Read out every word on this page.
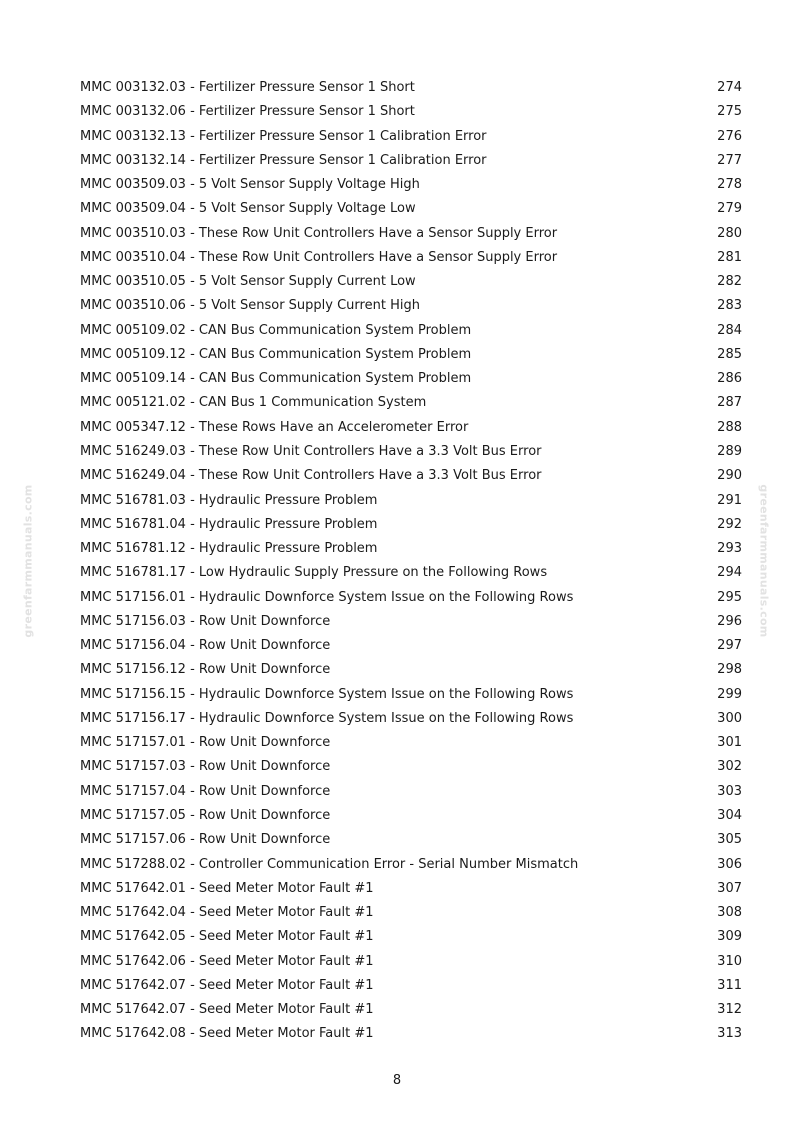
greenfarmmanuals.com	greenfarmmanuals.com
MMC 003132.03 - Fertilizer Pressure Sensor 1 Short	274
MMC 003132.06 - Fertilizer Pressure Sensor 1 Short	275
MMC 003132.13 - Fertilizer Pressure Sensor 1 Calibration Error	276
MMC 003132.14 - Fertilizer Pressure Sensor 1 Calibration Error	277
MMC 003509.03 - 5 Volt Sensor Supply Voltage High	278
MMC 003509.04 - 5 Volt Sensor Supply Voltage Low	279
MMC 003510.03 - These Row Unit Controllers Have a Sensor Supply Error	280
MMC 003510.04 - These Row Unit Controllers Have a Sensor Supply Error	281
MMC 003510.05 - 5 Volt Sensor Supply Current Low	282
MMC 003510.06 - 5 Volt Sensor Supply Current High	283
MMC 005109.02 - CAN Bus Communication System Problem	284
MMC 005109.12 - CAN Bus Communication System Problem	285
MMC 005109.14 - CAN Bus Communication System Problem	286
MMC 005121.02 - CAN Bus 1 Communication System	287
MMC 005347.12 - These Rows Have an Accelerometer Error	288
MMC 516249.03 - These Row Unit Controllers Have a 3.3 Volt Bus Error	289
MMC 516249.04 - These Row Unit Controllers Have a 3.3 Volt Bus Error	290
MMC 516781.03 - Hydraulic Pressure Problem	291
MMC 516781.04 - Hydraulic Pressure Problem	292
MMC 516781.12 - Hydraulic Pressure Problem	293
MMC 516781.17 - Low Hydraulic Supply Pressure on the Following Rows	294
MMC 517156.01 - Hydraulic Downforce System Issue on the Following Rows	295
MMC 517156.03 - Row Unit Downforce	296
MMC 517156.04 - Row Unit Downforce	297
MMC 517156.12 - Row Unit Downforce	298
MMC 517156.15 - Hydraulic Downforce System Issue on the Following Rows	299
MMC 517156.17 - Hydraulic Downforce System Issue on the Following Rows	300
MMC 517157.01 - Row Unit Downforce	301
MMC 517157.03 - Row Unit Downforce	302
MMC 517157.04 - Row Unit Downforce	303
MMC 517157.05 - Row Unit Downforce	304
MMC 517157.06 - Row Unit Downforce	305
MMC 517288.02 - Controller Communication Error - Serial Number Mismatch	306
MMC 517642.01 - Seed Meter Motor Fault #1	307
MMC 517642.04 - Seed Meter Motor Fault #1	308
MMC 517642.05 - Seed Meter Motor Fault #1	309
MMC 517642.06 - Seed Meter Motor Fault #1	310
MMC 517642.07 - Seed Meter Motor Fault #1	311
MMC 517642.07 - Seed Meter Motor Fault #1	312
MMC 517642.08 - Seed Meter Motor Fault #1	313
8
